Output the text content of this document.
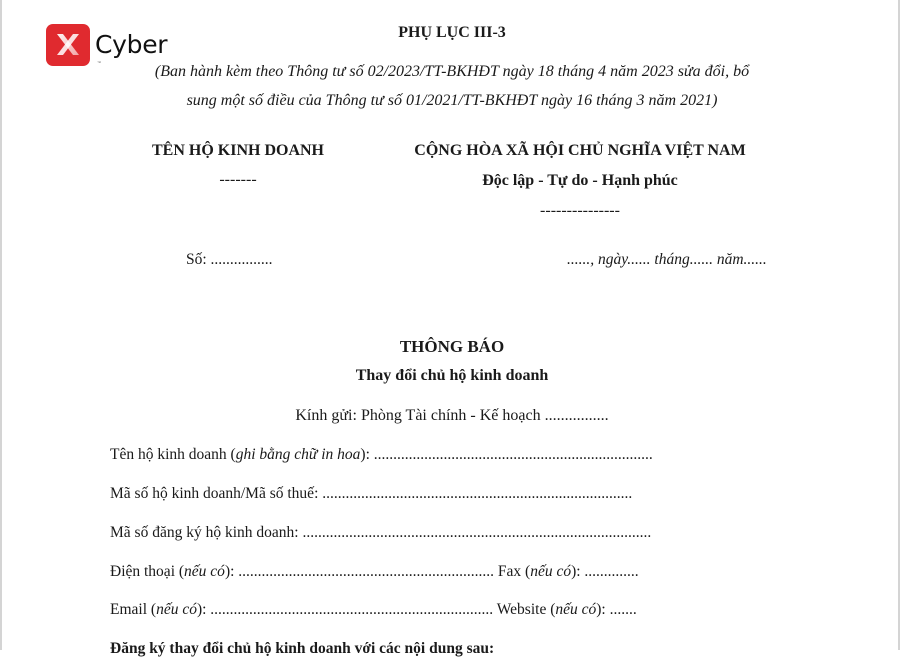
Cyber
™
PHỤ LỤC III-3
(Ban hành kèm theo Thông tư số 02/2023/TT-BKHĐT ngày 18 tháng 4 năm 2023 sửa đổi, bổ
sung một số điều của Thông tư số 01/2021/TT-BKHĐT ngày 16 tháng 3 năm 2021)
TÊN HỘ KINH DOANH
-------
CỘNG HÒA XÃ HỘI CHỦ NGHĨA VIỆT NAM
Độc lập - Tự do - Hạnh phúc
---------------
Số: ................	......, ngày...... tháng...... năm......
THÔNG BÁO
Thay đổi chủ hộ kinh doanh
Kính gửi: Phòng Tài chính - Kế hoạch ................
Tên hộ kinh doanh (ghi bằng chữ in hoa): ........................................................................
Mã số hộ kinh doanh/Mã số thuế: ................................................................................
Mã số đăng ký hộ kinh doanh: ..........................................................................................
Điện thoại (nếu có): .................................................................. Fax (nếu có): ..............
Email (nếu có): ......................................................................... Website (nếu có): .......
Đăng ký thay đổi chủ hộ kinh doanh với các nội dung sau:
